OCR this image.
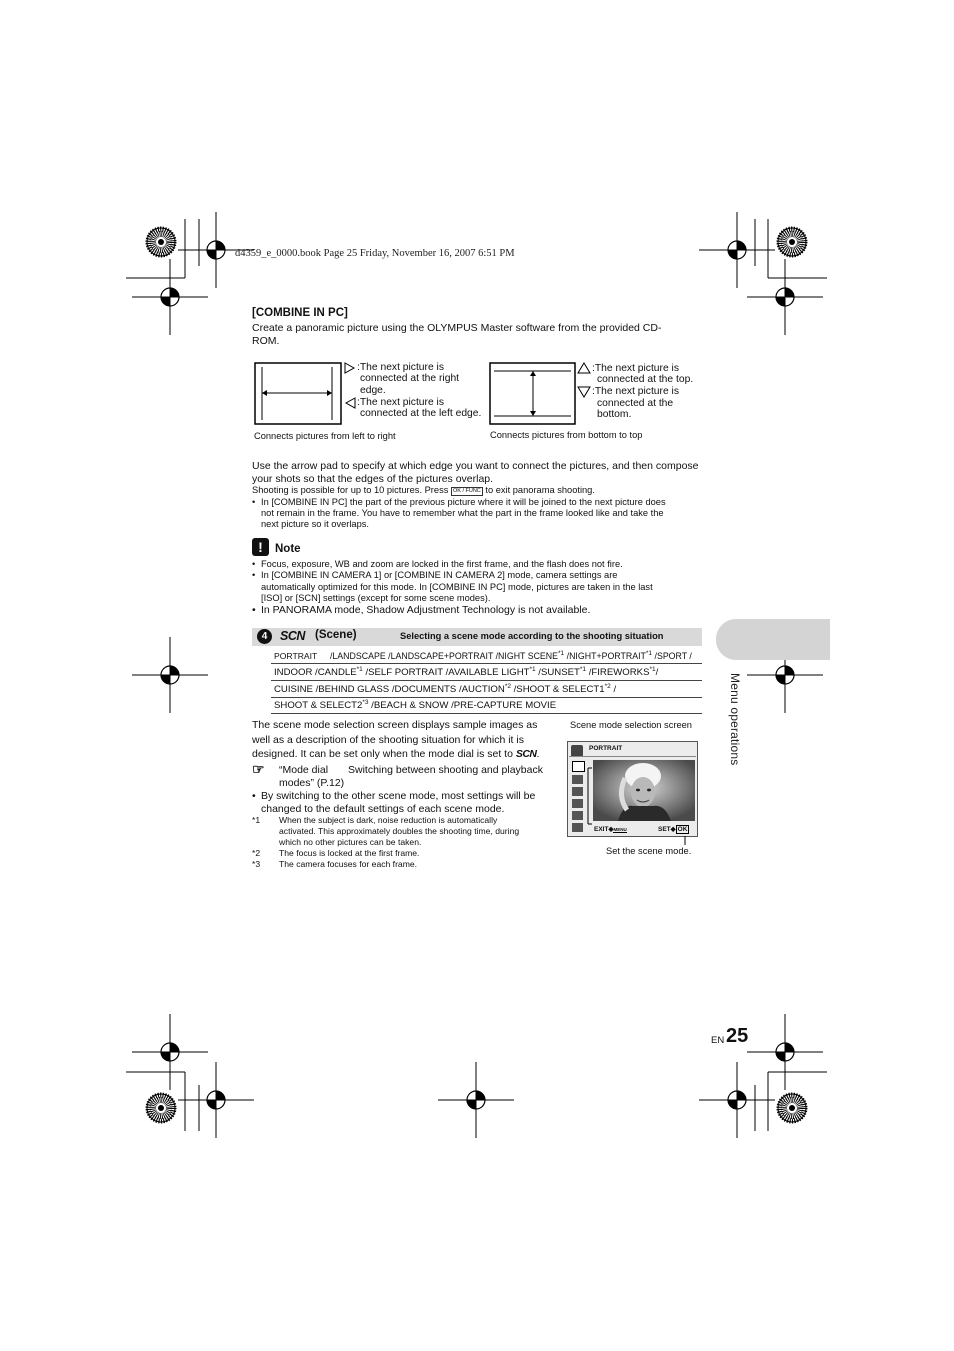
d4359_e_0000.book Page 25 Friday, November 16, 2007 6:51 PM
[COMBINE IN PC]
Create a panoramic picture using the OLYMPUS Master software from the provided CD-
ROM.
:The next picture is
connected at the right
edge.
:The next picture is
connected at the left edge.
Connects pictures from left to right
:The next picture is
connected at the top.
:The next picture is
connected at the
bottom.
Connects pictures from bottom to top
Use the arrow pad to specify at which edge you want to connect the pictures, and then compose
your shots so that the edges of the pictures overlap.
Shooting is possible for up to 10 pictures. Press OK / FUNC to exit panorama shooting.
• In [COMBINE IN PC] the part of the previous picture where it will be joined to the next picture does
not remain in the frame. You have to remember what the part in the frame looked like and take the
next picture so it overlaps.
!	Note
• Focus, exposure, WB and zoom are locked in the first frame, and the flash does not fire.
• In [COMBINE IN CAMERA 1] or [COMBINE IN CAMERA 2] mode, camera settings are
automatically optimized for this mode. In [COMBINE IN PC] mode, pictures are taken in the last
[ISO] or [SCN] settings (except for some scene modes).
• In PANORAMA mode, Shadow Adjustment Technology is not available.
Menu operations
4	SCN (Scene)	Selecting a scene mode according to the shooting situation
PORTRAIT /LANDSCAPE /LANDSCAPE+PORTRAIT /NIGHT SCENE$^{*1}$ $/NIGHT+PORTRAIT^{*1}$ /SPORT /
INDOOR /CANDLE$^{*1}$ /SELF PORTRAIT /AVAILABLE LIGHT$^{*1}$ /SUNSET$^{*1}$ /FIREWORKS$^{*1}$/
CUISINE /BEHIND GLASS /DOCUMENTS /AUCTION$^{*2}$ /SHOOT & SELECT1$^{*2}$ /
SHOOT & SELECT2$^{*3}$ /BEACH & SNOW /PRE-CAPTURE MOVIE
The scene mode selection screen displays sample images as
well as a description of the shooting situation for which it is
designed. It can be set only when the mode dial is set to SCN.
☞ “Mode dial Switching between shooting and playback
modes” (P.12)
• By switching to the other scene mode, most settings will be
changed to the default settings of each scene mode.
*1 When the subject is dark, noise reduction is automatically
activated. This approximately doubles the shooting time, during
which no other pictures can be taken.
*2 The focus is locked at the first frame.
*3 The camera focuses for each frame.
Scene mode selection screen
PORTRAIT
EXIT◆MENU	SET◆ OK
Set the scene mode.
EN 25
